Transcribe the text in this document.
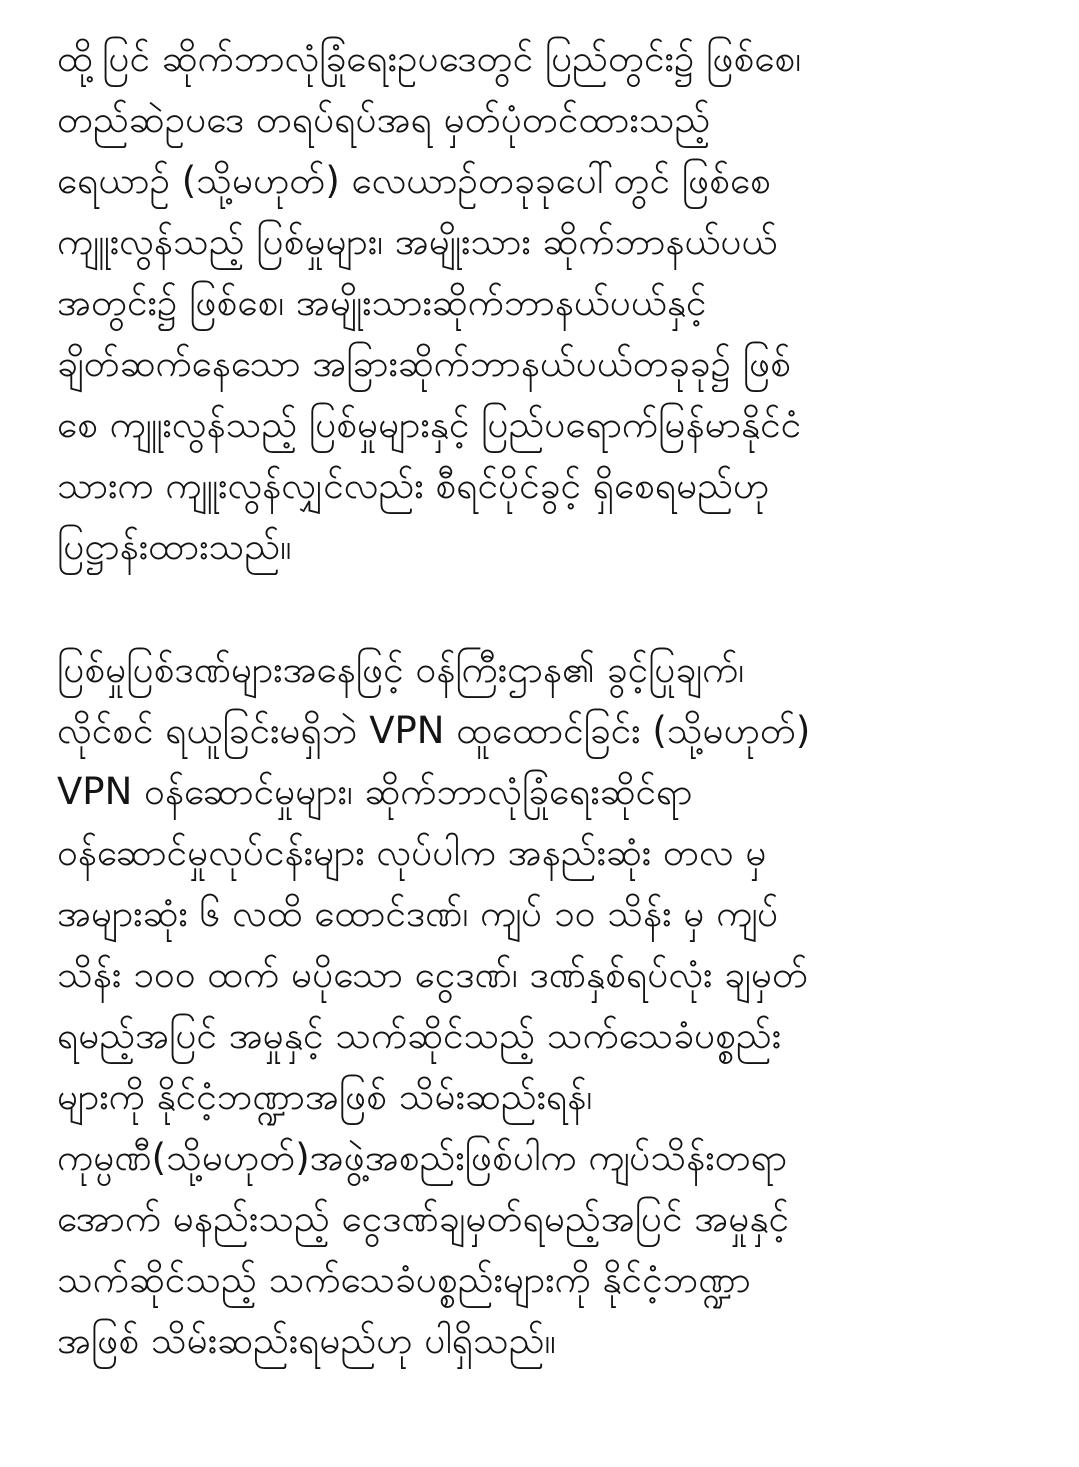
ထို့ပြင် ဆိုက်ဘာလုံခြုံရေးဥပဒေတွင် ပြည်တွင်း၌ ဖြစ်စေ၊
တည်ဆဲဥပဒေ တရပ်ရပ်အရ မှတ်ပုံတင်ထားသည့်
ရေယာဉ် (သို့မဟုတ်) လေယာဉ်တခုခုပေါ်တွင် ဖြစ်စေ
ကျူးလွန်သည့် ပြစ်မှုများ၊ အမျိုးသား ဆိုက်ဘာနယ်ပယ်
အတွင်း၌ ဖြစ်စေ၊ အမျိုးသားဆိုက်ဘာနယ်ပယ်နှင့်
ချိတ်ဆက်နေသော အခြားဆိုက်ဘာနယ်ပယ်တခုခု၌ ဖြစ်
စေ ကျူးလွန်သည့် ပြစ်မှုများနှင့် ပြည်ပရောက်မြန်မာနိုင်ငံ
သားက ကျူးလွန်လျှင်လည်း စီရင်ပိုင်ခွင့် ရှိစေရမည်ဟု
ပြဋ္ဌာန်းထားသည်။
ပြစ်မှုပြစ်ဒဏ်များအနေဖြင့် ဝန်ကြီးဌာန၏ ခွင့်ပြုချက်၊
လိုင်စင် ရယူခြင်းမရှိဘဲ VPN ထူထောင်ခြင်း (သို့မဟုတ်)
VPN ဝန်ဆောင်မှုများ၊ ဆိုက်ဘာလုံခြုံရေးဆိုင်ရာ
ဝန်ဆောင်မှုလုပ်ငန်းများ လုပ်ပါက အနည်းဆုံး တလ မှ
အများဆုံး ၆ လထိ ထောင်ဒဏ်၊ ကျပ် ၁၀ သိန်း မှ ကျပ်
သိန်း ၁၀၀ ထက် မပိုသော ငွေဒဏ်၊ ဒဏ်နှစ်ရပ်လုံး ချမှတ်
ရမည့်အပြင် အမှုနှင့် သက်ဆိုင်သည့် သက်သေခံပစ္စည်း
များကို နိုင်ငံ့ဘဏ္ဍာအဖြစ် သိမ်းဆည်းရန်၊
ကုမ္ပဏီ(သို့မဟုတ်)အဖွဲ့အစည်းဖြစ်ပါက ကျပ်သိန်းတရာ
အောက် မနည်းသည့် ငွေဒဏ်ချမှတ်ရမည့်အပြင် အမှုနှင့်
သက်ဆိုင်သည့် သက်သေခံပစ္စည်းများကို နိုင်ငံ့ဘဏ္ဍာ
အဖြစ် သိမ်းဆည်းရမည်ဟု ပါရှိသည်။
